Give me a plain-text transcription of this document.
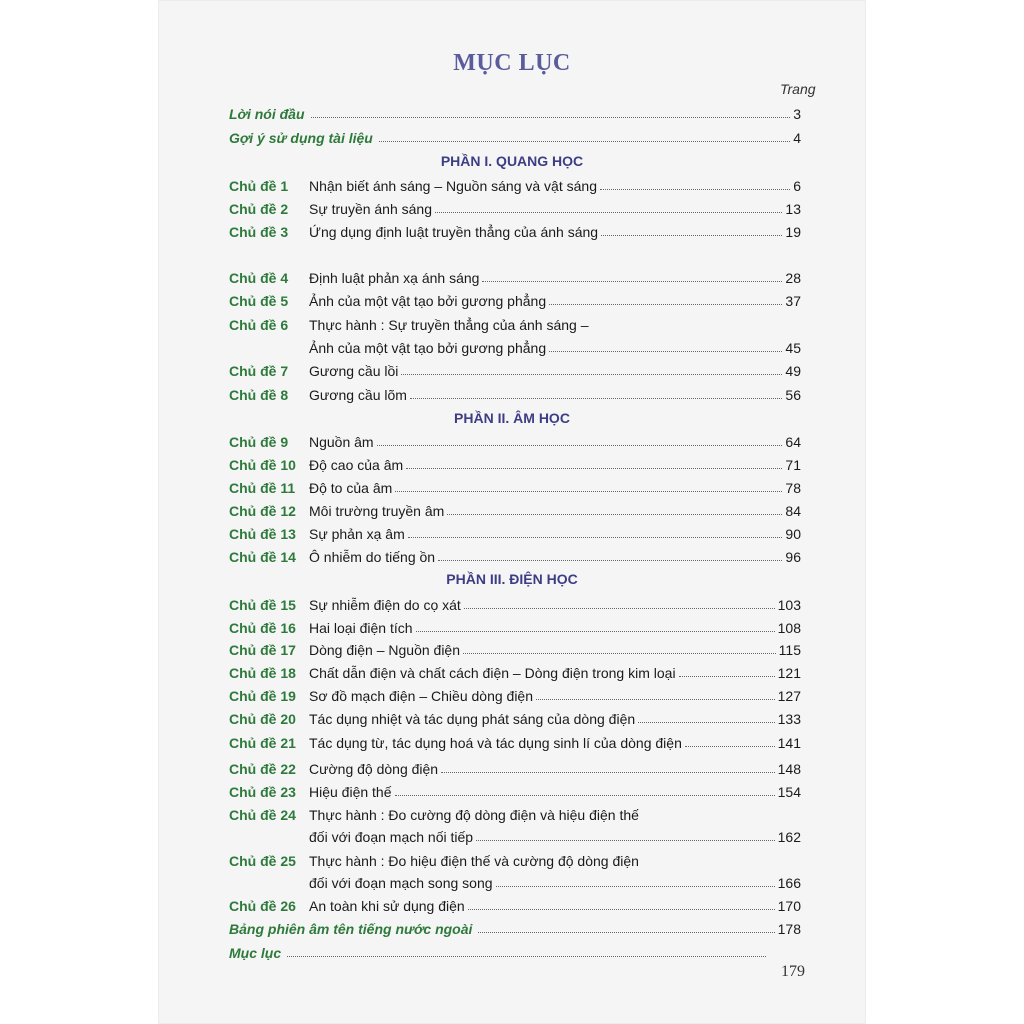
MỤC LỤC
Trang
Lời nói đầu	3
Gợi ý sử dụng tài liệu	4
PHẦN I. QUANG HỌC
Chủ đề 1	Nhận biết ánh sáng – Nguồn sáng và vật sáng	6
Chủ đề 2	Sự truyền ánh sáng	13
Chủ đề 3	Ứng dụng định luật truyền thẳng của ánh sáng	19
Chủ đề 4	Định luật phản xạ ánh sáng	28
Chủ đề 5	Ảnh của một vật tạo bởi gương phẳng	37
Chủ đề 6	Thực hành : Sự truyền thẳng của ánh sáng –
Ảnh của một vật tạo bởi gương phẳng	45
Chủ đề 7	Gương cầu lồi	49
Chủ đề 8	Gương cầu lõm	56
PHẦN II. ÂM HỌC
Chủ đề 9	Nguồn âm	64
Chủ đề 10 Độ cao của âm	71
Chủ đề 11 Độ to của âm	78
Chủ đề 12 Môi trường truyền âm	84
Chủ đề 13 Sự phản xạ âm	90
Chủ đề 14 Ô nhiễm do tiếng ồn	96
PHẦN III. ĐIỆN HỌC
Chủ đề 15 Sự nhiễm điện do cọ xát	103
Chủ đề 16 Hai loại điện tích	108
Chủ đề 17 Dòng điện – Nguồn điện	115
Chủ đề 18 Chất dẫn điện và chất cách điện – Dòng điện trong kim loại	121
Chủ đề 19 Sơ đồ mạch điện – Chiều dòng điện	127
Chủ đề 20 Tác dụng nhiệt và tác dụng phát sáng của dòng điện	133
Chủ đề 21 Tác dụng từ, tác dụng hoá và tác dụng sinh lí của dòng điện	141
Chủ đề 22 Cường độ dòng điện	148
Chủ đề 23 Hiệu điện thế	154
Chủ đề 24 Thực hành : Đo cường độ dòng điện và hiệu điện thế
đối với đoạn mạch nối tiếp	162
Chủ đề 25 Thực hành : Đo hiệu điện thế và cường độ dòng điện
đối với đoạn mạch song song	166
Chủ đề 26 An toàn khi sử dụng điện	170
Bảng phiên âm tên tiếng nước ngoài	178
Mục lục
179
